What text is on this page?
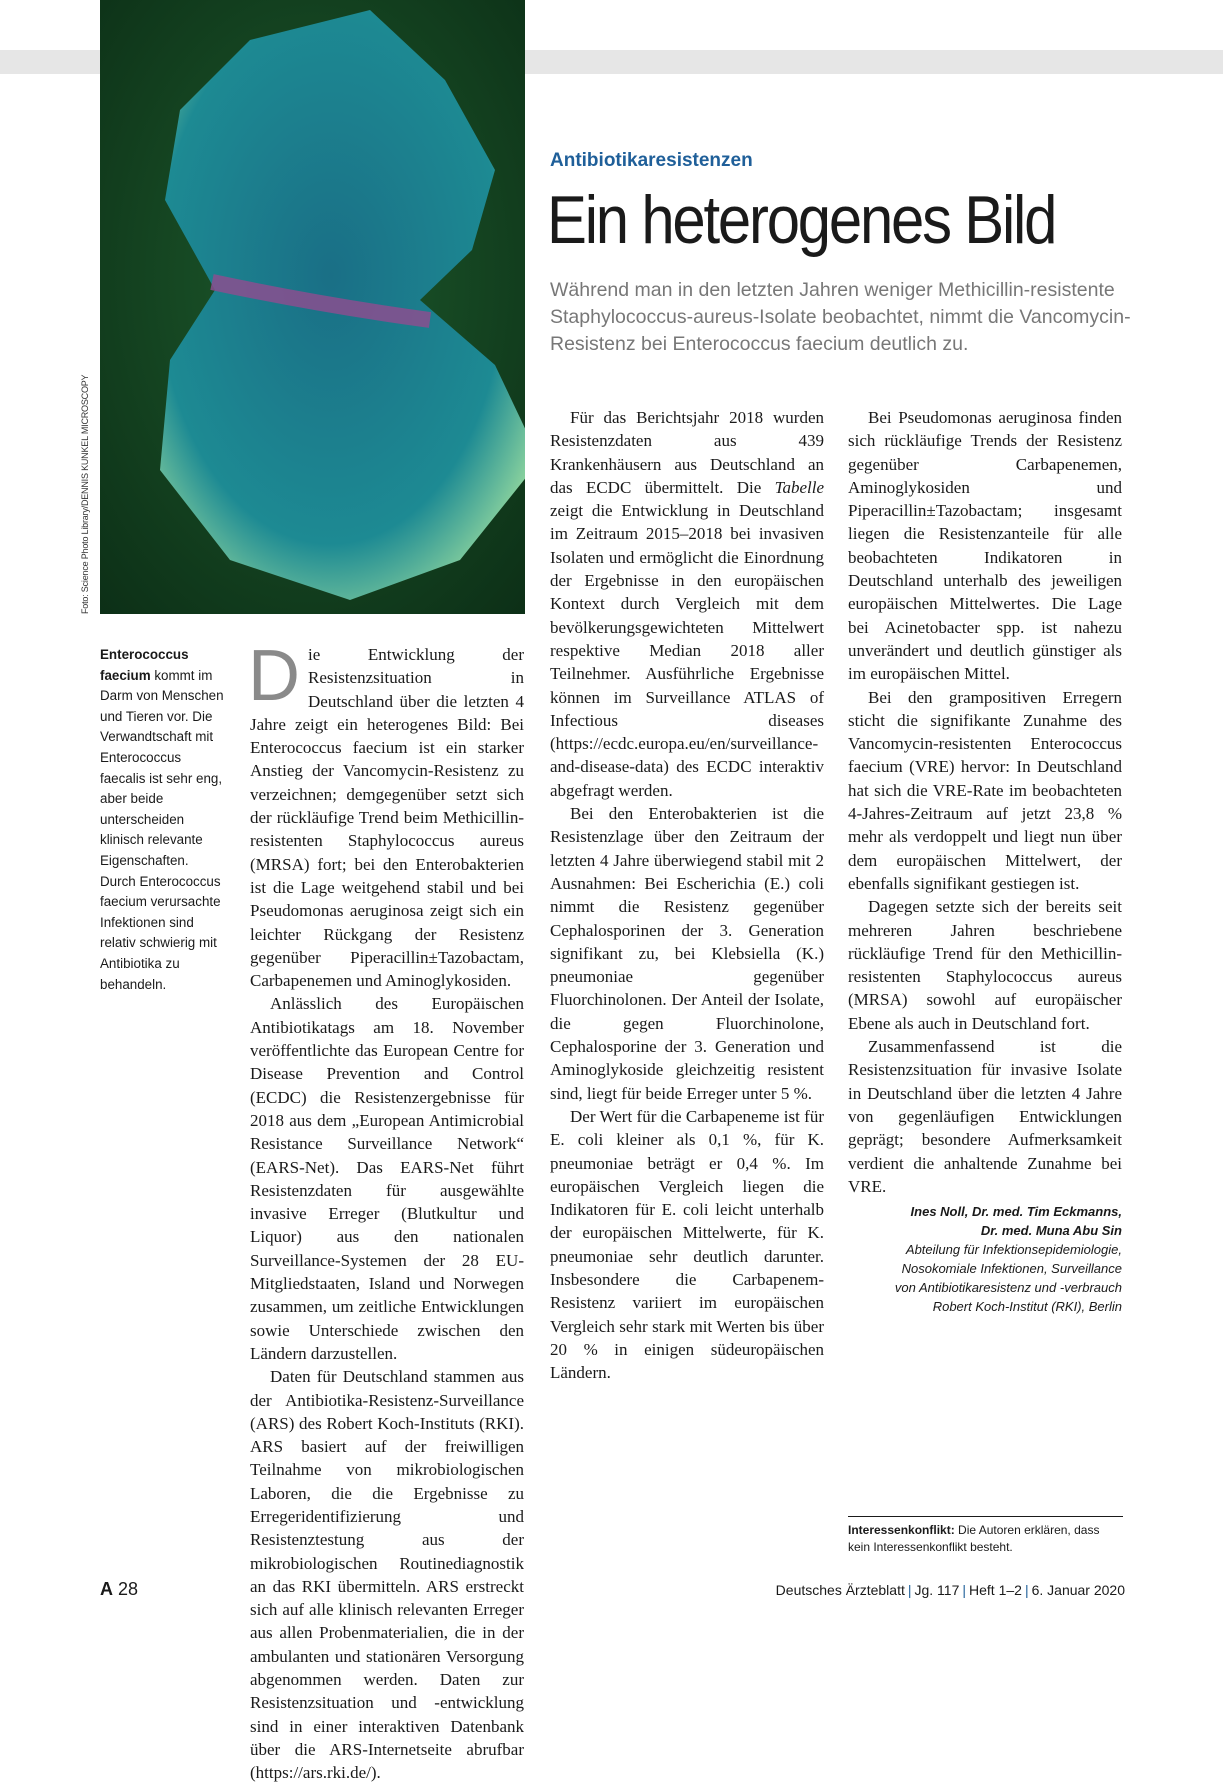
Foto: Science Photo Library/DENNIS KUNKEL MICROSCOPY
Antibiotikaresistenzen
Ein heterogenes Bild
Während man in den letzten Jahren weniger Methicillin-resistente Staphylococcus-aureus-Isolate beobachtet, nimmt die Vancomycin-Resistenz bei Enterococcus faecium deutlich zu.
Enterococcus faecium kommt im Darm von Menschen und Tieren vor. Die Verwandtschaft mit Enterococcus faecalis ist sehr eng, aber beide unterscheiden klinisch relevante Eigenschaften. Durch Enterococcus faecium verursachte Infektionen sind relativ schwierig mit Antibiotika zu behandeln.

Die Entwicklung der Resistenzsituation in Deutschland über die letzten 4 Jahre zeigt ein heterogenes Bild: Bei Enterococcus faecium ist ein starker Anstieg der Vancomycin-Resistenz zu verzeichnen; demgegenüber setzt sich der rückläufige Trend beim Methicillin-resistenten Staphylococcus aureus (MRSA) fort; bei den Enterobakterien ist die Lage weitgehend stabil und bei Pseudomonas aeruginosa zeigt sich ein leichter Rückgang der Resistenz gegenüber Piperacillin±Tazobactam, Carbapenemen und Aminoglykosiden.

Anlässlich des Europäischen Antibiotikatags am 18. November veröffentlichte das European Centre for Disease Prevention and Control (ECDC) die Resistenzergebnisse für 2018 aus dem „European Antimicrobial Resistance Surveillance Network“ (EARS-Net). Das EARS-Net führt Resistenzdaten für ausgewählte invasive Erreger (Blutkultur und Liquor) aus den nationalen Surveillance-Systemen der 28 EU-Mitgliedstaaten, Island und Norwegen zusammen, um zeitliche Entwicklungen sowie Unterschiede zwischen den Ländern darzustellen.

Daten für Deutschland stammen aus der Antibiotika-Resistenz-Surveillance (ARS) des Robert Koch-Instituts (RKI). ARS basiert auf der freiwilligen Teilnahme von mikrobiologischen Laboren, die die Ergebnisse zu Erregeridentifizierung und Resistenztestung aus der mikrobiologischen Routinediagnostik an das RKI übermitteln. ARS erstreckt sich auf alle klinisch relevanten Erreger aus allen Probenmaterialien, die in der ambulanten und stationären Versorgung abgenommen werden. Daten zur Resistenzsituation und -entwicklung sind in einer interaktiven Datenbank über die ARS-Internetseite abrufbar (https://ars.rki.de/).

Für das Berichtsjahr 2018 wurden Resistenzdaten aus 439 Krankenhäusern aus Deutschland an das ECDC übermittelt. Die Tabelle zeigt die Entwicklung in Deutschland im Zeitraum 2015–2018 bei invasiven Isolaten und ermöglicht die Einordnung der Ergebnisse in den europäischen Kontext durch Vergleich mit dem bevölkerungsgewichteten Mittelwert respektive Median 2018 aller Teilnehmer. Ausführliche Ergebnisse können im Surveillance ATLAS of Infectious diseases (https://ecdc.europa.eu/en/surveillance-and-disease-data) des ECDC interaktiv abgefragt werden.

Bei den Enterobakterien ist die Resistenzlage über den Zeitraum der letzten 4 Jahre überwiegend stabil mit 2 Ausnahmen: Bei Escherichia (E.) coli nimmt die Resistenz gegenüber Cephalosporinen der 3. Generation signifikant zu, bei Klebsiella (K.) pneumoniae gegenüber Fluorchinolonen. Der Anteil der Isolate, die gegen Fluorchinolone, Cephalosporine der 3. Generation und Aminoglykoside gleichzeitig resistent sind, liegt für beide Erreger unter 5 %.

Der Wert für die Carbapeneme ist für E. coli kleiner als 0,1 %, für K. pneumoniae beträgt er 0,4 %. Im europäischen Vergleich liegen die Indikatoren für E. coli leicht unterhalb der europäischen Mittelwerte, für K. pneumoniae sehr deutlich darunter. Insbesondere die Carbapenem-Resistenz variiert im europäischen Vergleich sehr stark mit Werten bis über 20 % in einigen südeuropäischen Ländern.

Bei Pseudomonas aeruginosa finden sich rückläufige Trends der Resistenz gegenüber Carbapenemen, Aminoglykosiden und Piperacillin±Tazobactam; insgesamt liegen die Resistenzanteile für alle beobachteten Indikatoren in Deutschland unterhalb des jeweiligen europäischen Mittelwertes. Die Lage bei Acinetobacter spp. ist nahezu unverändert und deutlich günstiger als im europäischen Mittel.

Bei den grampositiven Erregern sticht die signifikante Zunahme des Vancomycin-resistenten Enterococcus faecium (VRE) hervor: In Deutschland hat sich die VRE-Rate im beobachteten 4-Jahres-Zeitraum auf jetzt 23,8 % mehr als verdoppelt und liegt nun über dem europäischen Mittelwert, der ebenfalls signifikant gestiegen ist.

Dagegen setzte sich der bereits seit mehreren Jahren beschriebene rückläufige Trend für den Methicillin-resistenten Staphylococcus aureus (MRSA) sowohl auf europäischer Ebene als auch in Deutschland fort.

Zusammenfassend ist die Resistenzsituation für invasive Isolate in Deutschland über die letzten 4 Jahre von gegenläufigen Entwicklungen geprägt; besondere Aufmerksamkeit verdient die anhaltende Zunahme bei VRE.

Ines Noll, Dr. med. Tim Eckmanns,
Dr. med. Muna Abu Sin
Abteilung für Infektionsepidemiologie,
Nosokomiale Infektionen, Surveillance
von Antibiotikaresistenz und -verbrauch
Robert Koch-Institut (RKI), Berlin
Interessenkonflikt: Die Autoren erklären, dass kein Interessenkonflikt besteht.
A 28	Deutsches Ärzteblatt | Jg. 117 | Heft 1–2 | 6. Januar 2020
